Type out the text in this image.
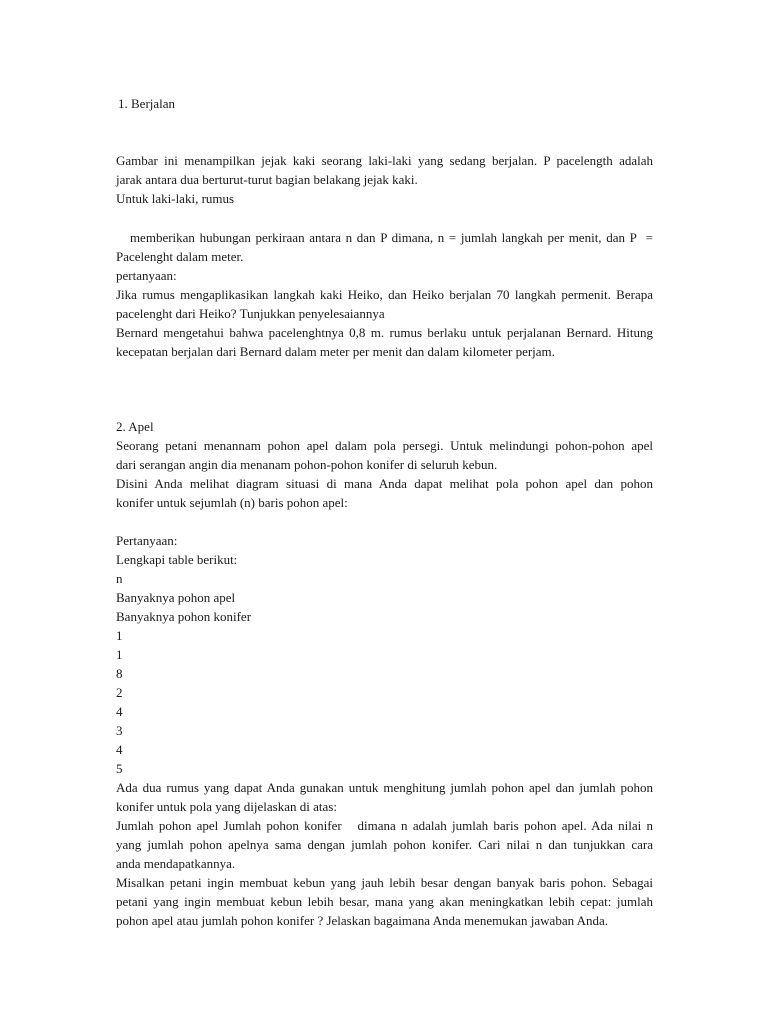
1. Berjalan
Gambar ini menampilkan jejak kaki seorang laki-laki yang sedang berjalan. P pacelength adalah
jarak antara dua berturut-turut bagian belakang jejak kaki.
Untuk laki-laki, rumus
memberikan hubungan perkiraan antara n dan P dimana, n = jumlah langkah per menit, dan P  =
Pacelenght dalam meter.
pertanyaan:
Jika rumus mengaplikasikan langkah kaki Heiko, dan Heiko berjalan 70 langkah permenit. Berapa
pacelenght dari Heiko? Tunjukkan penyelesaiannya
Bernard mengetahui bahwa pacelenghtnya 0,8 m. rumus berlaku untuk perjalanan Bernard. Hitung
kecepatan berjalan dari Bernard dalam meter per menit dan dalam kilometer perjam.
2. Apel
Seorang petani menannam pohon apel dalam pola persegi. Untuk melindungi pohon-pohon apel
dari serangan angin dia menanam pohon-pohon konifer di seluruh kebun.
Disini Anda melihat diagram situasi di mana Anda dapat melihat pola pohon apel dan pohon
konifer untuk sejumlah (n) baris pohon apel:
Pertanyaan:
Lengkapi table berikut:
n
Banyaknya pohon apel
Banyaknya pohon konifer
1
1
8
2
4
3
4
5
Ada dua rumus yang dapat Anda gunakan untuk menghitung jumlah pohon apel dan jumlah pohon
konifer untuk pola yang dijelaskan di atas:
Jumlah pohon apel Jumlah pohon konifer   dimana n adalah jumlah baris pohon apel. Ada nilai n
yang jumlah pohon apelnya sama dengan jumlah pohon konifer. Cari nilai n dan tunjukkan cara
anda mendapatkannya.
Misalkan petani ingin membuat kebun yang jauh lebih besar dengan banyak baris pohon. Sebagai
petani yang ingin membuat kebun lebih besar, mana yang akan meningkatkan lebih cepat: jumlah
pohon apel atau jumlah pohon konifer ? Jelaskan bagaimana Anda menemukan jawaban Anda.
